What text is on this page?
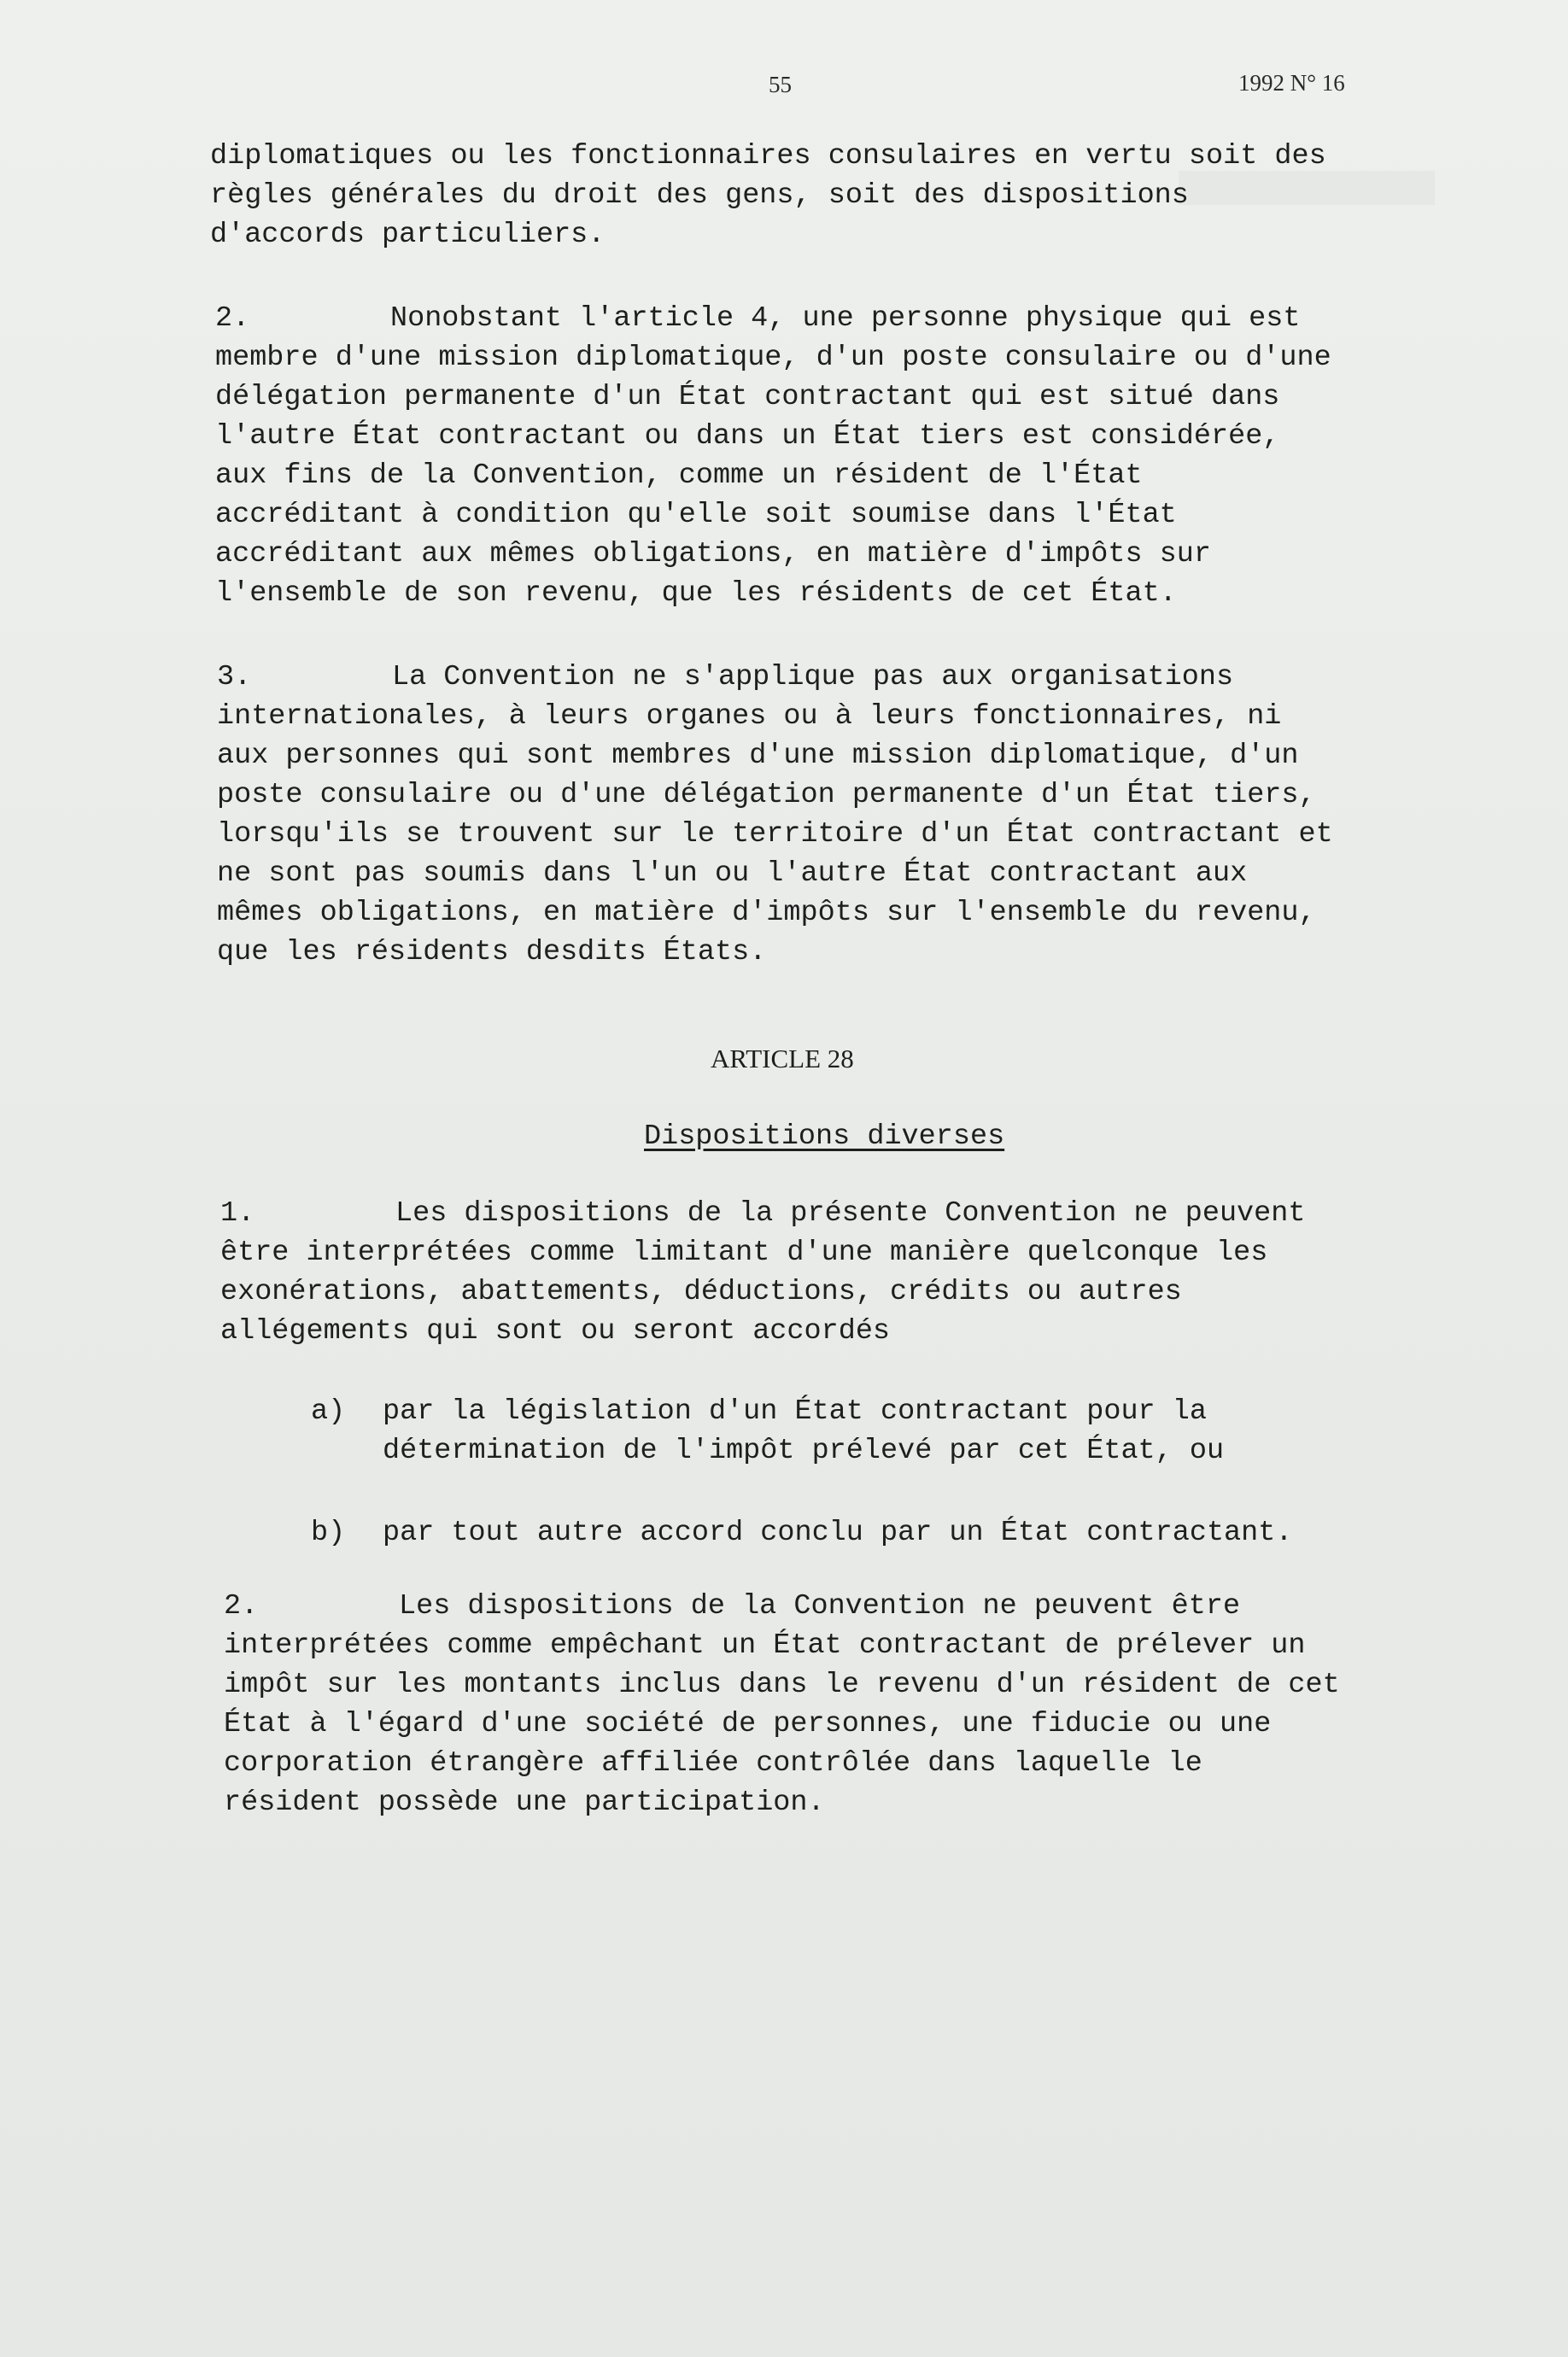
55	1992 N° 16
diplomatiques ou les fonctionnaires consulaires en vertu soit des
règles générales du droit des gens, soit des dispositions
d'accords particuliers.
2.	Nonobstant l'article 4, une personne physique qui est
membre d'une mission diplomatique, d'un poste consulaire ou d'une
délégation permanente d'un État contractant qui est situé dans
l'autre État contractant ou dans un État tiers est considérée,
aux fins de la Convention, comme un résident de l'État
accréditant à condition qu'elle soit soumise dans l'État
accréditant aux mêmes obligations, en matière d'impôts sur
l'ensemble de son revenu, que les résidents de cet État.
3.	La Convention ne s'applique pas aux organisations
internationales, à leurs organes ou à leurs fonctionnaires, ni
aux personnes qui sont membres d'une mission diplomatique, d'un
poste consulaire ou d'une délégation permanente d'un État tiers,
lorsqu'ils se trouvent sur le territoire d'un État contractant et
ne sont pas soumis dans l'un ou l'autre État contractant aux
mêmes obligations, en matière d'impôts sur l'ensemble du revenu,
que les résidents desdits États.
ARTICLE 28
Dispositions diverses
1.	Les dispositions de la présente Convention ne peuvent
être interprétées comme limitant d'une manière quelconque les
exonérations, abattements, déductions, crédits ou autres
allégements qui sont ou seront accordés
a) par la législation d'un État contractant pour la
détermination de l'impôt prélevé par cet État, ou
b) par tout autre accord conclu par un État contractant.
2.	Les dispositions de la Convention ne peuvent être
interprétées comme empêchant un État contractant de prélever un
impôt sur les montants inclus dans le revenu d'un résident de cet
État à l'égard d'une société de personnes, une fiducie ou une
corporation étrangère affiliée contrôlée dans laquelle le
résident possède une participation.
